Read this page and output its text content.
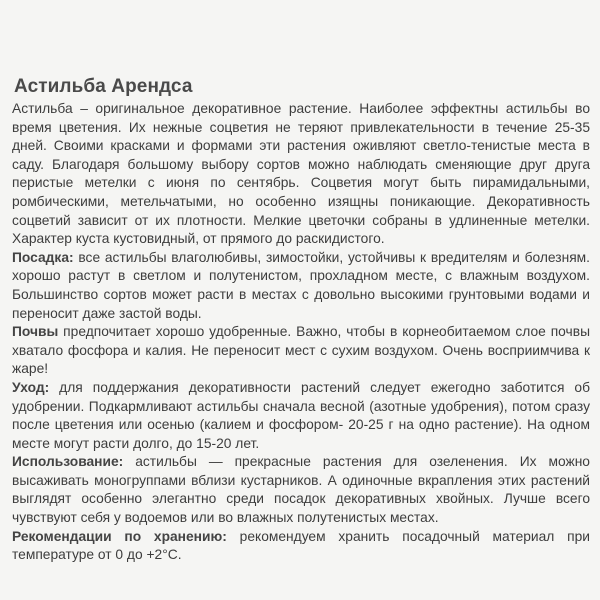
Астильба Арендса

Астильба – оригинальное декоративное растение. Наиболее эффектны астильбы во время цветения. Их нежные соцветия не теряют привлекательности в течение 25-35 дней. Своими красками и формами эти растения оживляют светло-тенистые места в саду. Благодаря большому выбору сортов можно наблюдать сменяющие друг друга перистые метелки с июня по сентябрь. Соцветия могут быть пирамидальными, ромбическими, метельчатыми, но особенно изящны поникающие. Декоративность соцветий зависит от их плотности. Мелкие цветочки собраны в удлиненные метелки. Характер куста кустовидный, от прямого до раскидистого.

Посадка: все астильбы влаголюбивы, зимостойки, устойчивы к вредителям и болезням. хорошо растут в светлом и полутенистом, прохладном месте, с влажным воздухом. Большинство сортов может расти в местах с довольно высокими грунтовыми водами и переносит даже застой воды.

Почвы предпочитает хорошо удобренные. Важно, чтобы в корнеобитаемом слое почвы хватало фосфора и калия. Не переносит мест с сухим воздухом. Очень восприимчива к жаре!

Уход: для поддержания декоративности растений следует ежегодно заботится об удобрении. Подкармливают астильбы сначала весной (азотные удобрения), потом сразу после цветения или осенью (калием и фосфором- 20-25 г на одно растение). На одном месте могут расти долго, до 15-20 лет.

Использование: астильбы — прекрасные растения для озеленения. Их можно высаживать моногруппами вблизи кустарников. А одиночные вкрапления этих растений выглядят особенно элегантно среди посадок декоративных хвойных. Лучше всего чувствуют себя у водоемов или во влажных полутенистых местах.

Рекомендации по хранению: рекомендуем хранить посадочный материал при температуре от 0 до +2°С.
